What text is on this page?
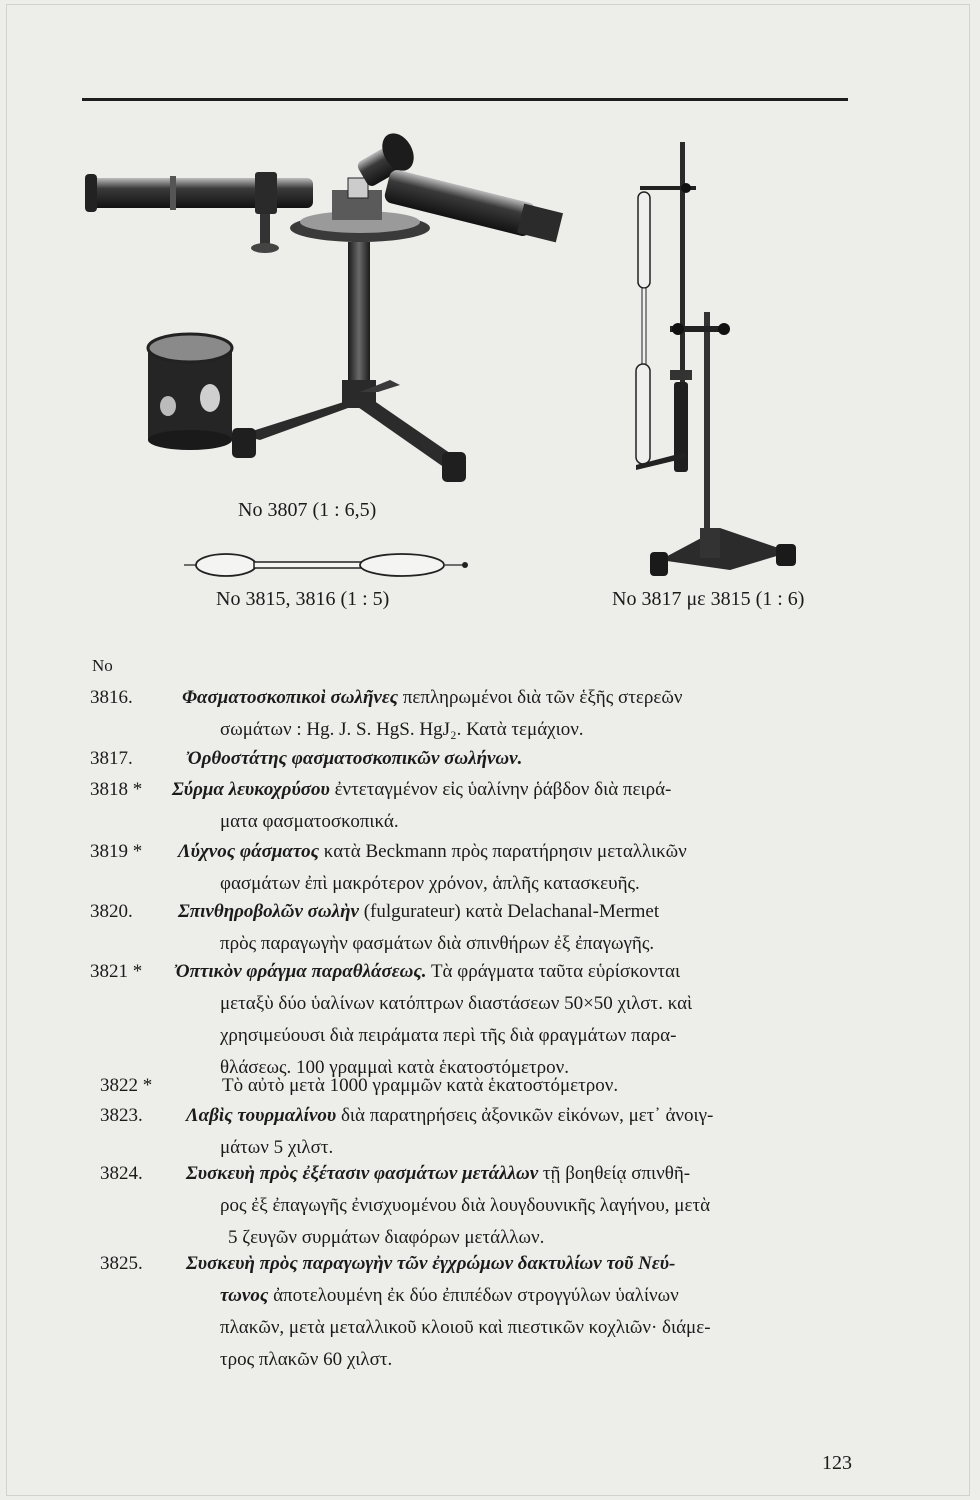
No 3807 (1 : 6,5)
No 3815, 3816 (1 : 5)	No 3817 με 3815 (1 : 6)
No
3816.	Φασματοσκοπικοὶ σωλῆνες πεπληρωμένοι διὰ τῶν ἑξῆς στερεῶν
σωμάτων : Hg. J. S. HgS. HgJ₂. Κατὰ τεμάχιον.
3817.	Ὀρθοστάτης φασματοσκοπικῶν σωλήνων.
3818 *	Σύρμα λευκοχρύσου ἐντεταγμένον εἰς ὑαλίνην ῥάβδον διὰ πειρά-
ματα φασματοσκοπικά.
3819 *	Λύχνος φάσματος κατὰ Beckmann πρὸς παρατήρησιν μεταλλικῶν
φασμάτων ἐπὶ μακρότερον χρόνον, ἁπλῆς κατασκευῆς.
3820.	Σπινθηροβολῶν σωλὴν (fulgurateur) κατὰ Delachanal-Mermet
πρὸς παραγωγὴν φασμάτων διὰ σπινθήρων ἐξ ἐπαγωγῆς.
3821 *	Ὀπτικὸν φράγμα παραθλάσεως. Τὰ φράγματα ταῦτα εὑρίσκονται
μεταξὺ δύο ὑαλίνων κατόπτρων διαστάσεων 50×50 χιλστ. καὶ
χρησιμεύουσι διὰ πειράματα περὶ τῆς διὰ φραγμάτων παρα-
θλάσεως. 100 γραμμαὶ κατὰ ἑκατοστόμετρον.
3822 *	Τὸ αὐτὸ μετὰ 1000 γραμμῶν κατὰ ἑκατοστόμετρον.
3823.	Λαβὶς τουρμαλίνου διὰ παρατηρήσεις ἀξονικῶν εἰκόνων, μετ᾽ ἀνοιγ-
μάτων 5 χιλστ.
3824.	Συσκευὴ πρὸς ἐξέτασιν φασμάτων μετάλλων τῇ βοηθείᾳ σπινθῆ-
ρος ἐξ ἐπαγωγῆς ἐνισχυομένου διὰ λουγδουνικῆς λαγήνου, μετὰ
5 ζευγῶν συρμάτων διαφόρων μετάλλων.
3825.	Συσκευὴ πρὸς παραγωγὴν τῶν ἐγχρώμων δακτυλίων τοῦ Νεύ-
τωνος ἀποτελουμένη ἐκ δύο ἐπιπέδων στρογγύλων ὑαλίνων
πλακῶν, μετὰ μεταλλικοῦ κλοιοῦ καὶ πιεστικῶν κοχλιῶν· διάμε-
τρος πλακῶν 60 χιλστ.
123
